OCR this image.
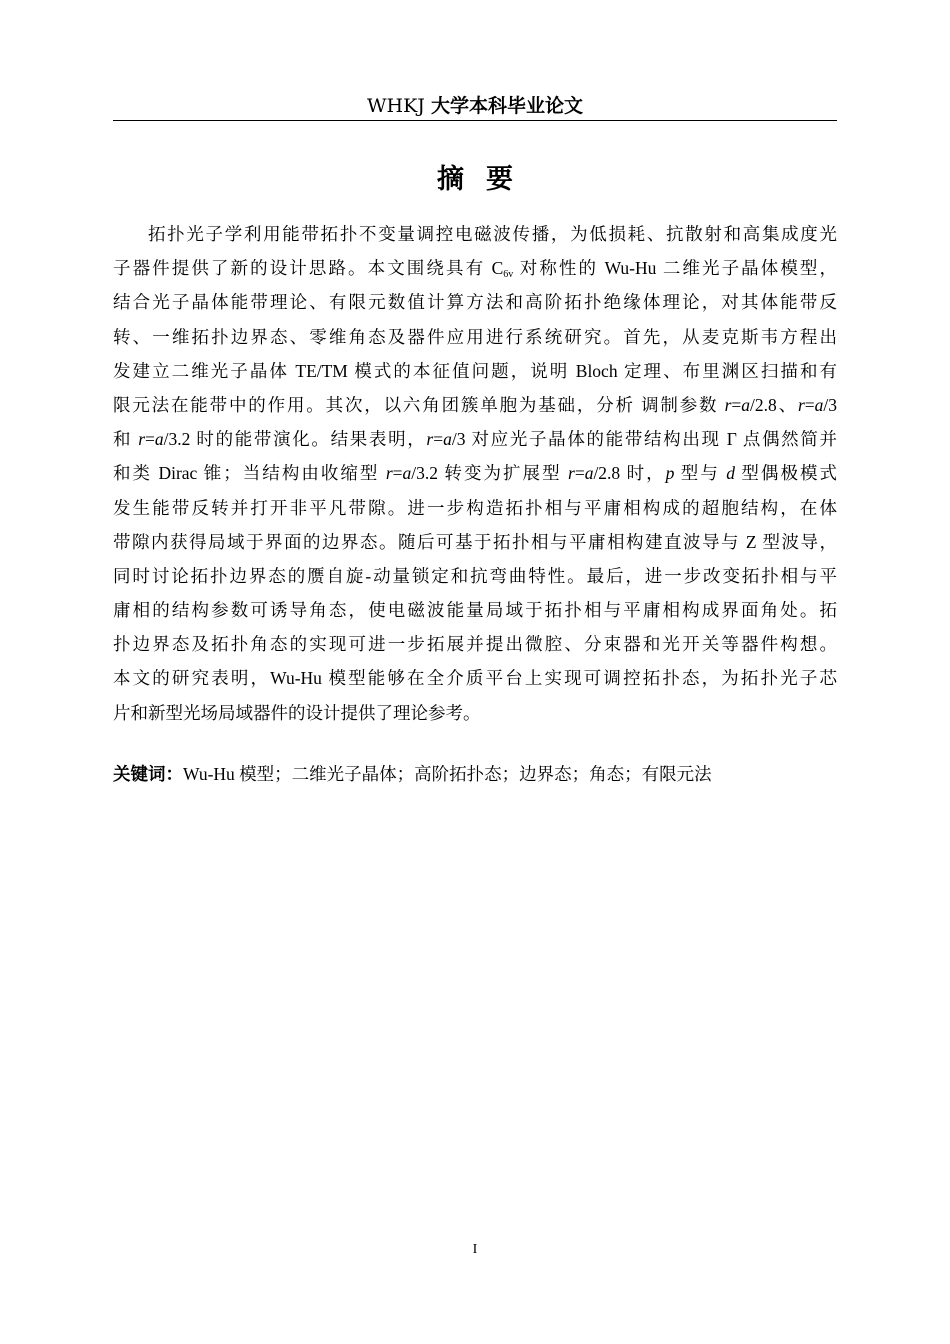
WHKJ 大学本科毕业论文
摘要
拓扑光子学利用能带拓扑不变量调控电磁波传播，为低损耗、抗散射和高集成度光
子器件提供了新的设计思路。本文围绕具有 $C_{6v}$ 对称性的 Wu-Hu 二维光子晶体模型，
结合光子晶体能带理论、有限元数值计算方法和高阶拓扑绝缘体理论，对其体能带反
转、一维拓扑边界态、零维角态及器件应用进行系统研究。首先，从麦克斯韦方程出
发建立二维光子晶体 TE/TM 模式的本征值问题，说明 Bloch 定理、布里渊区扫描和有
限元法在能带中的作用。其次，以六角团簇单胞为基础，分析 调制参数 r=a/2.8、r=a/3
和 r=a/3.2 时的能带演化。结果表明，r=a/3 对应光子晶体的能带结构出现 Γ 点偶然简并
和类 Dirac 锥；当结构由收缩型 r=a/3.2 转变为扩展型 r=a/2.8 时，p 型与 d 型偶极模式
发生能带反转并打开非平凡带隙。进一步构造拓扑相与平庸相构成的超胞结构，在体
带隙内获得局域于界面的边界态。随后可基于拓扑相与平庸相构建直波导与 Z 型波导，
同时讨论拓扑边界态的赝自旋-动量锁定和抗弯曲特性。最后，进一步改变拓扑相与平
庸相的结构参数可诱导角态，使电磁波能量局域于拓扑相与平庸相构成界面角处。拓
扑边界态及拓扑角态的实现可进一步拓展并提出微腔、分束器和光开关等器件构想。
本文的研究表明，Wu-Hu 模型能够在全介质平台上实现可调控拓扑态，为拓扑光子芯
片和新型光场局域器件的设计提供了理论参考。
关键词：Wu-Hu 模型；二维光子晶体；高阶拓扑态；边界态；角态；有限元法
I
